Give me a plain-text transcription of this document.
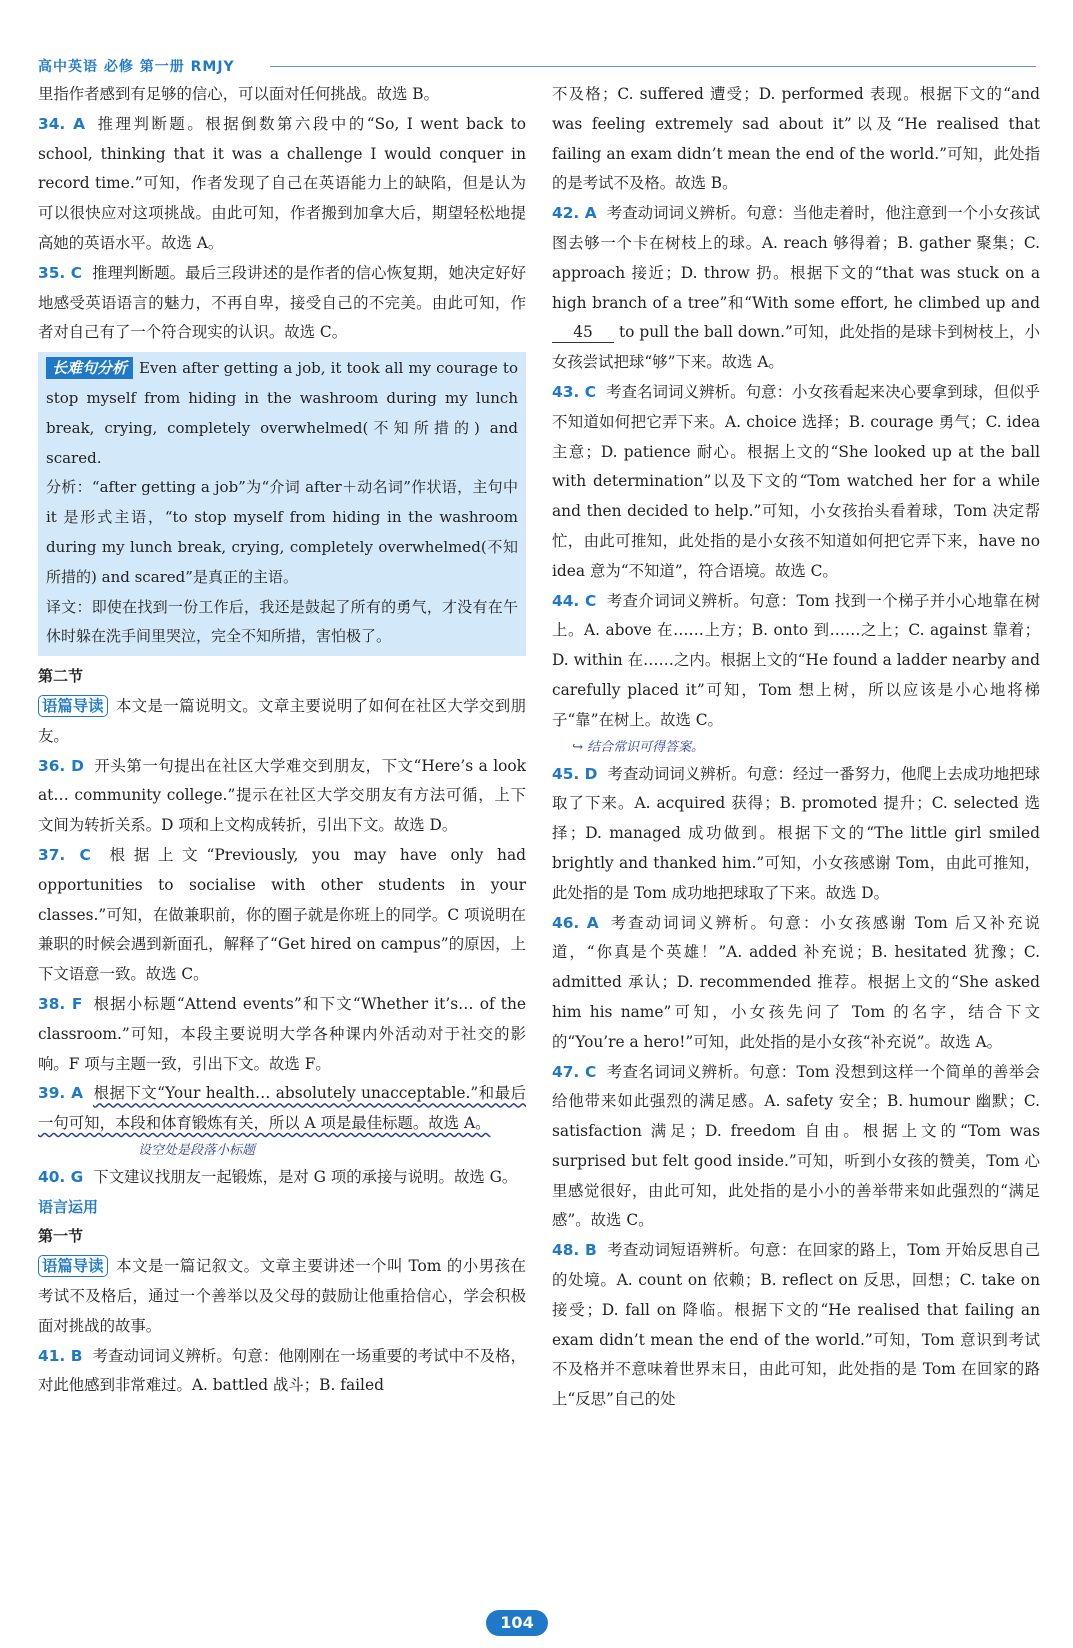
高中英语 必修 第一册 RMJY

里指作者感到有足够的信心，可以面对任何挑战。故选 B。

34. A 推理判断题。根据倒数第六段中的“So, I went back to school, thinking that it was a challenge I would conquer in record time.”可知，作者发现了自己在英语能力上的缺陷，但是认为可以很快应对这项挑战。由此可知，作者搬到加拿大后，期望轻松地提高她的英语水平。故选 A。

35. C 推理判断题。最后三段讲述的是作者的信心恢复期，她决定好好地感受英语语言的魅力，不再自卑，接受自己的不完美。由此可知，作者对自己有了一个符合现实的认识。故选 C。

长难句分析 Even after getting a job, it took all my courage to stop myself from hiding in the washroom during my lunch break, crying, completely overwhelmed(不知所措的) and scared.

分析：“after getting a job”为“介词 after＋动名词”作状语，主句中 it 是形式主语，“to stop myself from hiding in the washroom during my lunch break, crying, completely overwhelmed(不知所措的) and scared”是真正的主语。

译文：即使在找到一份工作后，我还是鼓起了所有的勇气，才没有在午休时躲在洗手间里哭泣，完全不知所措，害怕极了。

第二节

语篇导读 本文是一篇说明文。文章主要说明了如何在社区大学交到朋友。

36. D 开头第一句提出在社区大学难交到朋友，下文“Here’s a look at… community college.”提示在社区大学交朋友有方法可循，上下文间为转折关系。D 项和上文构成转折，引出下文。故选 D。

37. C 根据上文“Previously, you may have only had opportunities to socialise with other students in your classes.”可知，在做兼职前，你的圈子就是你班上的同学。C 项说明在兼职的时候会遇到新面孔，解释了“Get hired on campus”的原因，上下文语意一致。故选 C。

38. F 根据小标题“Attend events”和下文“Whether it’s… of the classroom.”可知，本段主要说明大学各种课内外活动对于社交的影响。F 项与主题一致，引出下文。故选 F。

39. A 根据下文“Your health… absolutely unacceptable.”和最后一句可知，本段和体育锻炼有关，所以 A 项是最佳标题。故选 A。

设空处是段落小标题

40. G 下文建议找朋友一起锻炼，是对 G 项的承接与说明。故选 G。

语言运用

第一节

语篇导读 本文是一篇记叙文。文章主要讲述一个叫 Tom 的小男孩在考试不及格后，通过一个善举以及父母的鼓励让他重拾信心，学会积极面对挑战的故事。

41. B 考查动词词义辨析。句意：他刚刚在一场重要的考试中不及格，对此他感到非常难过。A. battled 战斗；B. failed

不及格；C. suffered 遭受；D. performed 表现。根据下文的“and was feeling extremely sad about it”以及“He realised that failing an exam didn’t mean the end of the world.”可知，此处指的是考试不及格。故选 B。

42. A 考查动词词义辨析。句意：当他走着时，他注意到一个小女孩试图去够一个卡在树枝上的球。A. reach 够得着；B. gather 聚集；C. approach 接近；D. throw 扔。根据下文的“that was stuck on a high branch of a tree”和“With some effort, he climbed up and 45 to pull the ball down.”可知，此处指的是球卡到树枝上，小女孩尝试把球“够”下来。故选 A。

43. C 考查名词词义辨析。句意：小女孩看起来决心要拿到球，但似乎不知道如何把它弄下来。A. choice 选择；B. courage 勇气；C. idea 主意；D. patience 耐心。根据上文的“She looked up at the ball with determination”以及下文的“Tom watched her for a while and then decided to help.”可知，小女孩抬头看着球，Tom 决定帮忙，由此可推知，此处指的是小女孩不知道如何把它弄下来，have no idea 意为“不知道”，符合语境。故选 C。

44. C 考查介词词义辨析。句意：Tom 找到一个梯子并小心地靠在树上。A. above 在……上方；B. onto 到……之上；C. against 靠着；D. within 在……之内。根据上文的“He found a ladder nearby and carefully placed it”可知，Tom 想上树，所以应该是小心地将梯子“靠”在树上。故选 C。

↪ 结合常识可得答案。

45. D 考查动词词义辨析。句意：经过一番努力，他爬上去成功地把球取了下来。A. acquired 获得；B. promoted 提升；C. selected 选择；D. managed 成功做到。根据下文的“The little girl smiled brightly and thanked him.”可知，小女孩感谢 Tom，由此可推知，此处指的是 Tom 成功地把球取了下来。故选 D。

46. A 考查动词词义辨析。句意：小女孩感谢 Tom 后又补充说道，“你真是个英雄！”A. added 补充说；B. hesitated 犹豫；C. admitted 承认；D. recommended 推荐。根据上文的“She asked him his name”可知，小女孩先问了 Tom 的名字，结合下文的“You’re a hero!”可知，此处指的是小女孩“补充说”。故选 A。

47. C 考查名词词义辨析。句意：Tom 没想到这样一个简单的善举会给他带来如此强烈的满足感。A. safety 安全；B. humour 幽默；C. satisfaction 满足；D. freedom 自由。根据上文的“Tom was surprised but felt good inside.”可知，听到小女孩的赞美，Tom 心里感觉很好，由此可知，此处指的是小小的善举带来如此强烈的“满足感”。故选 C。

48. B 考查动词短语辨析。句意：在回家的路上，Tom 开始反思自己的处境。A. count on 依赖；B. reflect on 反思，回想；C. take on 接受；D. fall on 降临。根据下文的“He realised that failing an exam didn’t mean the end of the world.”可知，Tom 意识到考试不及格并不意味着世界末日，由此可知，此处指的是 Tom 在回家的路上“反思”自己的处

104
